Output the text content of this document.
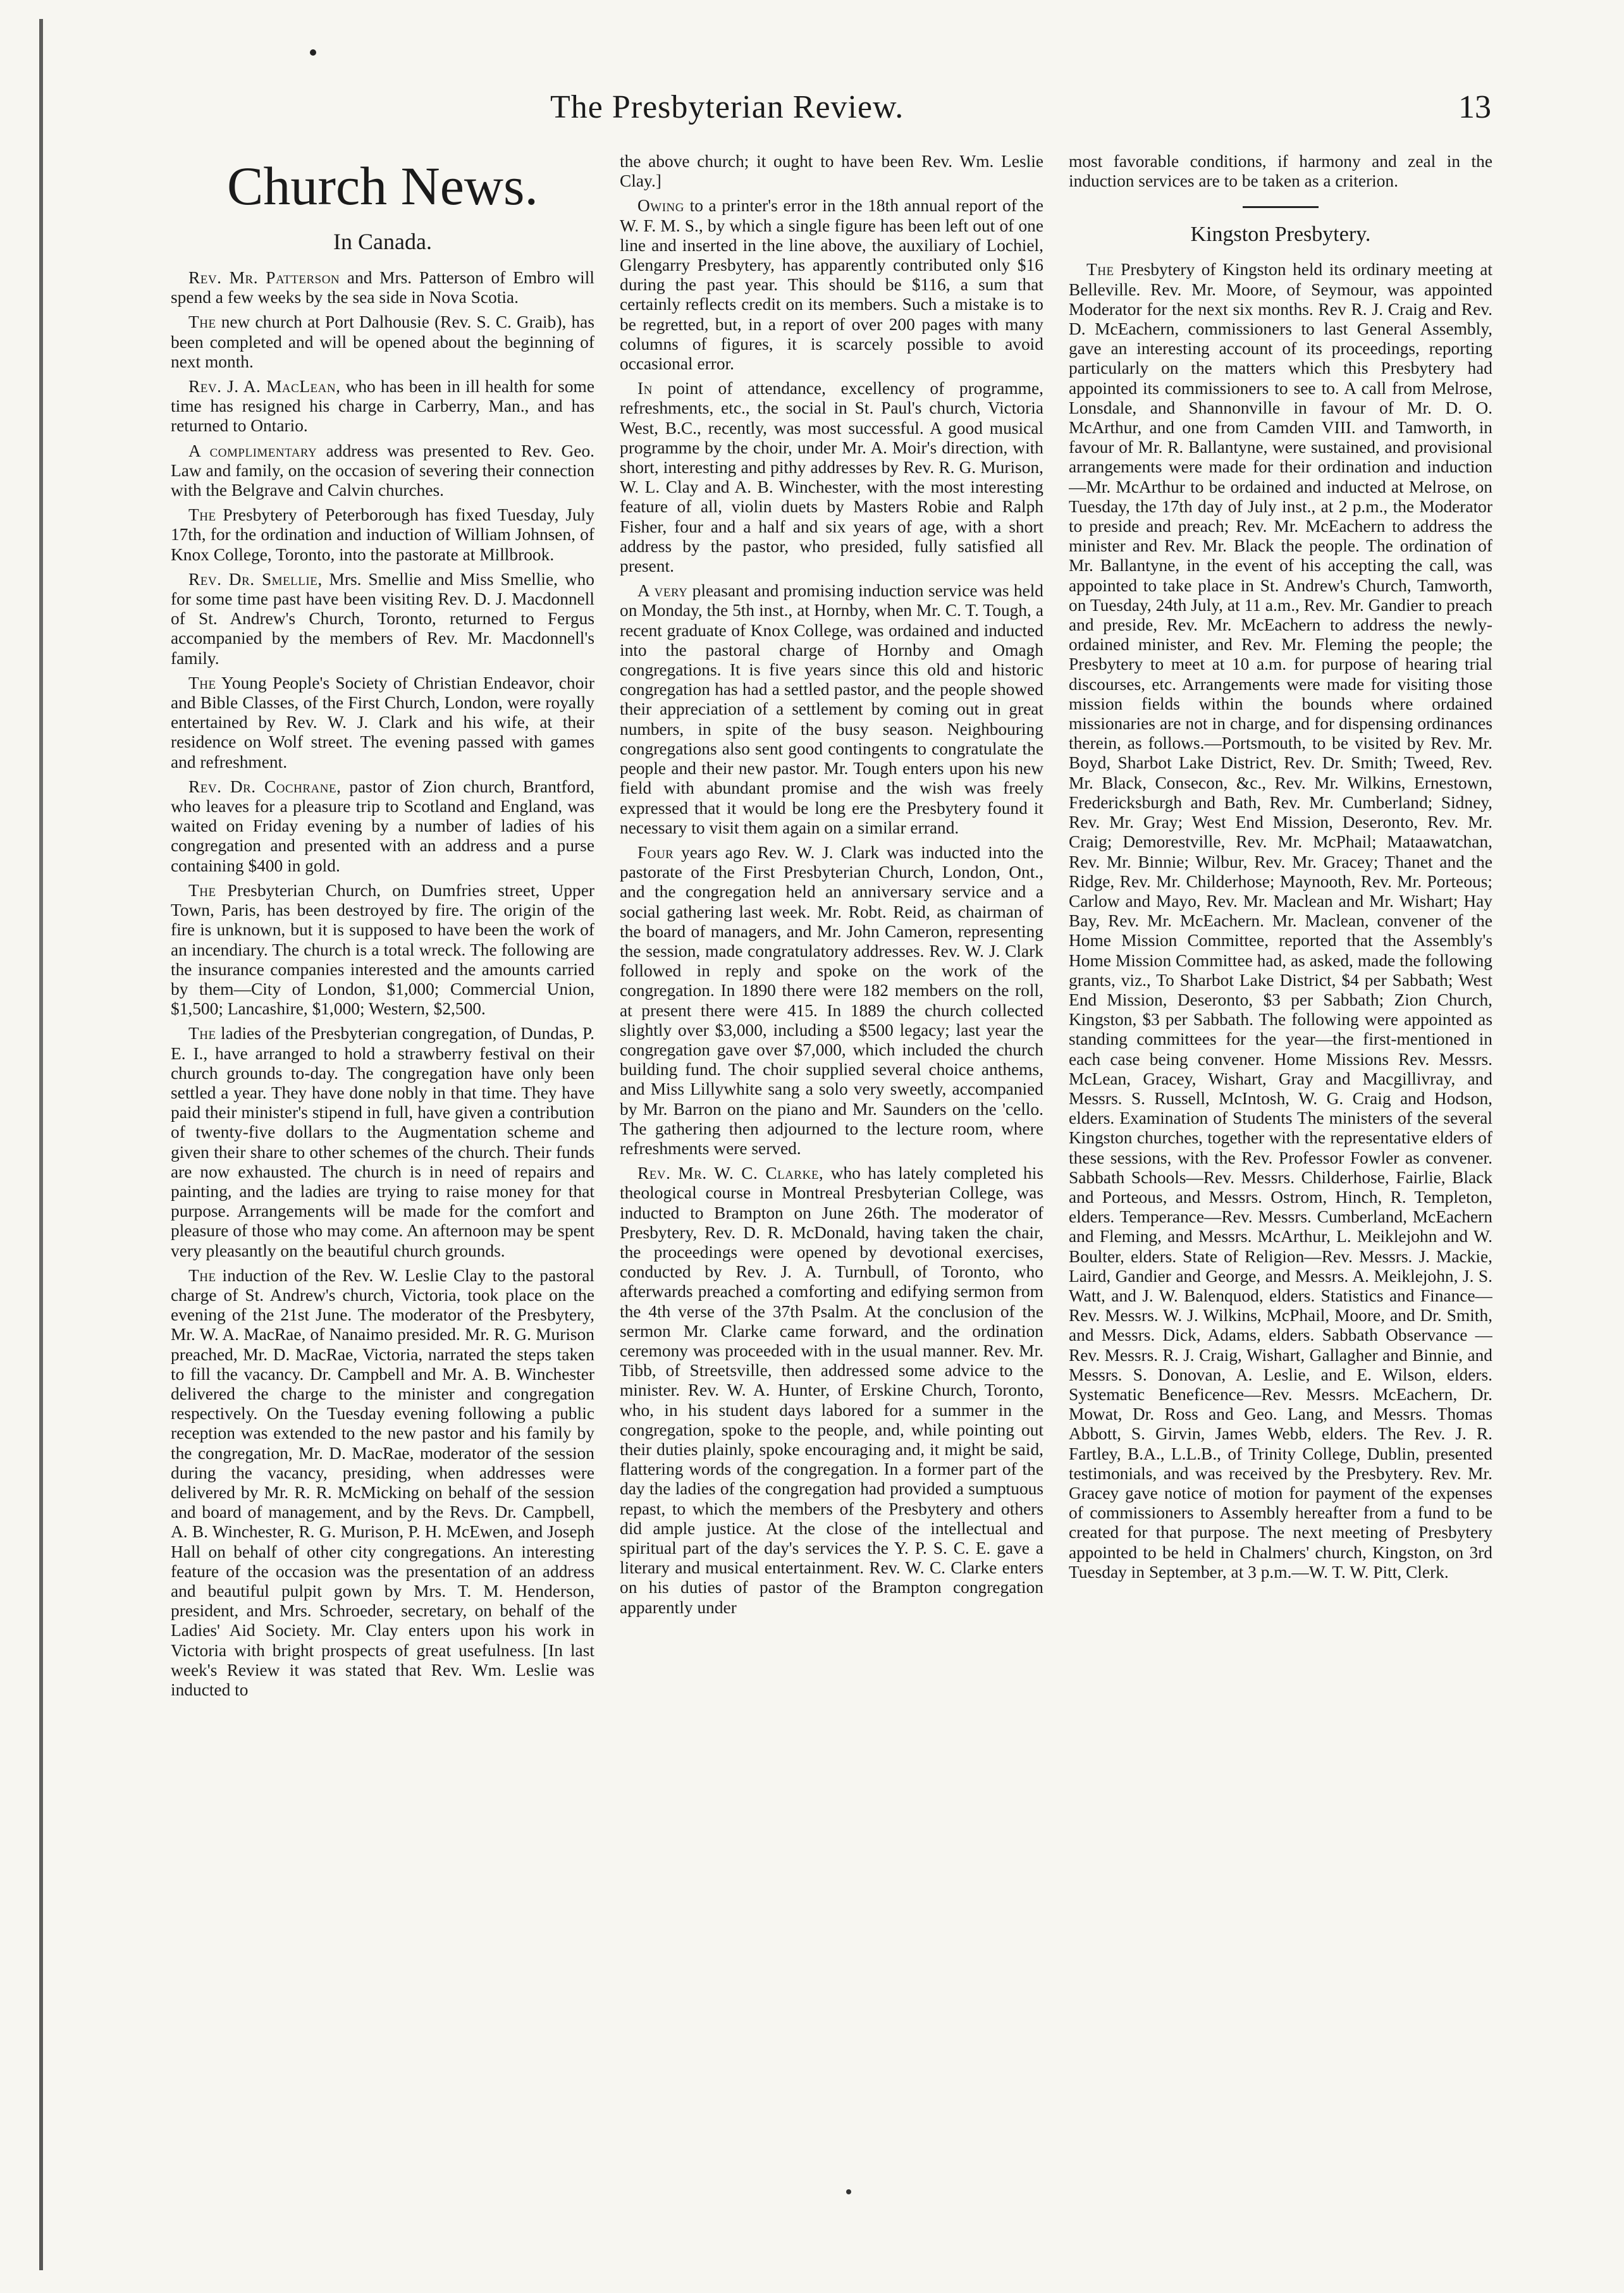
The Presbyterian Review.	13
Church News.
In Canada.

Rev. Mr. Patterson and Mrs. Patterson of Embro will spend a few weeks by the sea side in Nova Scotia.

The new church at Port Dalhousie (Rev. S. C. Graib), has been completed and will be opened about the beginning of next month.

Rev. J. A. MacLean, who has been in ill health for some time has resigned his charge in Carberry, Man., and has returned to Ontario.

A complimentary address was presented to Rev. Geo. Law and family, on the occasion of severing their connection with the Belgrave and Calvin churches.

The Presbytery of Peterborough has fixed Tuesday, July 17th, for the ordination and induction of William Johnsen, of Knox College, Toronto, into the pastorate at Millbrook.

Rev. Dr. Smellie, Mrs. Smellie and Miss Smellie, who for some time past have been visiting Rev. D. J. Macdonnell of St. Andrew's Church, Toronto, returned to Fergus accompanied by the members of Rev. Mr. Macdonnell's family.

The Young People's Society of Christian Endeavor, choir and Bible Classes, of the First Church, London, were royally entertained by Rev. W. J. Clark and his wife, at their residence on Wolf street. The evening passed with games and refreshment.

Rev. Dr. Cochrane, pastor of Zion church, Brantford, who leaves for a pleasure trip to Scotland and England, was waited on Friday evening by a number of ladies of his congregation and presented with an address and a purse containing $400 in gold.

The Presbyterian Church, on Dumfries street, Upper Town, Paris, has been destroyed by fire. The origin of the fire is unknown, but it is supposed to have been the work of an incendiary. The church is a total wreck. The following are the insurance companies interested and the amounts carried by them—City of London, $1,000; Commercial Union, $1,500; Lancashire, $1,000; Western, $2,500.

The ladies of the Presbyterian congregation, of Dundas, P. E. I., have arranged to hold a strawberry festival on their church grounds to-day. The congregation have only been settled a year. They have done nobly in that time. They have paid their minister's stipend in full, have given a contribution of twenty-five dollars to the Augmentation scheme and given their share to other schemes of the church. Their funds are now exhausted. The church is in need of repairs and painting, and the ladies are trying to raise money for that purpose. Arrangements will be made for the comfort and pleasure of those who may come. An afternoon may be spent very pleasantly on the beautiful church grounds.

The induction of the Rev. W. Leslie Clay to the pastoral charge of St. Andrew's church, Victoria, took place on the evening of the 21st June. The moderator of the Presbytery, Mr. W. A. MacRae, of Nanaimo presided. Mr. R. G. Murison preached, Mr. D. MacRae, Victoria, narrated the steps taken to fill the vacancy. Dr. Campbell and Mr. A. B. Winchester delivered the charge to the minister and congregation respectively. On the Tuesday evening following a public reception was extended to the new pastor and his family by the congregation, Mr. D. MacRae, moderator of the session during the vacancy, presiding, when addresses were delivered by Mr. R. R. McMicking on behalf of the session and board of management, and by the Revs. Dr. Campbell, A. B. Winchester, R. G. Murison, P. H. McEwen, and Joseph Hall on behalf of other city congregations. An interesting feature of the occasion was the presentation of an address and beautiful pulpit gown by Mrs. T. M. Henderson, president, and Mrs. Schroeder, secretary, on behalf of the Ladies' Aid Society. Mr. Clay enters upon his work in Victoria with bright prospects of great usefulness. [In last week's Review it was stated that Rev. Wm. Leslie was inducted to

the above church; it ought to have been Rev. Wm. Leslie Clay.]

Owing to a printer's error in the 18th annual report of the W. F. M. S., by which a single figure has been left out of one line and inserted in the line above, the auxiliary of Lochiel, Glengarry Presbytery, has apparently contributed only $16 during the past year. This should be $116, a sum that certainly reflects credit on its members. Such a mistake is to be regretted, but, in a report of over 200 pages with many columns of figures, it is scarcely possible to avoid occasional error.

In point of attendance, excellency of programme, refreshments, etc., the social in St. Paul's church, Victoria West, B.C., recently, was most successful. A good musical programme by the choir, under Mr. A. Moir's direction, with short, interesting and pithy addresses by Rev. R. G. Murison, W. L. Clay and A. B. Winchester, with the most interesting feature of all, violin duets by Masters Robie and Ralph Fisher, four and a half and six years of age, with a short address by the pastor, who presided, fully satisfied all present.

A very pleasant and promising induction service was held on Monday, the 5th inst., at Hornby, when Mr. C. T. Tough, a recent graduate of Knox College, was ordained and inducted into the pastoral charge of Hornby and Omagh congregations. It is five years since this old and historic congregation has had a settled pastor, and the people showed their appreciation of a settlement by coming out in great numbers, in spite of the busy season. Neighbouring congregations also sent good contingents to congratulate the people and their new pastor. Mr. Tough enters upon his new field with abundant promise and the wish was freely expressed that it would be long ere the Presbytery found it necessary to visit them again on a similar errand.

Four years ago Rev. W. J. Clark was inducted into the pastorate of the First Presbyterian Church, London, Ont., and the congregation held an anniversary service and a social gathering last week. Mr. Robt. Reid, as chairman of the board of managers, and Mr. John Cameron, representing the session, made congratulatory addresses. Rev. W. J. Clark followed in reply and spoke on the work of the congregation. In 1890 there were 182 members on the roll, at present there were 415. In 1889 the church collected slightly over $3,000, including a $500 legacy; last year the congregation gave over $7,000, which included the church building fund. The choir supplied several choice anthems, and Miss Lillywhite sang a solo very sweetly, accompanied by Mr. Barron on the piano and Mr. Saunders on the 'cello. The gathering then adjourned to the lecture room, where refreshments were served.

Rev. Mr. W. C. Clarke, who has lately completed his theological course in Montreal Presbyterian College, was inducted to Brampton on June 26th. The moderator of Presbytery, Rev. D. R. McDonald, having taken the chair, the proceedings were opened by devotional exercises, conducted by Rev. J. A. Turnbull, of Toronto, who afterwards preached a comforting and edifying sermon from the 4th verse of the 37th Psalm. At the conclusion of the sermon Mr. Clarke came forward, and the ordination ceremony was proceeded with in the usual manner. Rev. Mr. Tibb, of Streetsville, then addressed some advice to the minister. Rev. W. A. Hunter, of Erskine Church, Toronto, who, in his student days labored for a summer in the congregation, spoke to the people, and, while pointing out their duties plainly, spoke encouraging and, it might be said, flattering words of the congregation. In a former part of the day the ladies of the congregation had provided a sumptuous repast, to which the members of the Presbytery and others did ample justice. At the close of the intellectual and spiritual part of the day's services the Y. P. S. C. E. gave a literary and musical entertainment. Rev. W. C. Clarke enters on his duties of pastor of the Brampton congregation apparently under

most favorable conditions, if harmony and zeal in the induction services are to be taken as a criterion.

Kingston Presbytery.

The Presbytery of Kingston held its ordinary meeting at Belleville. Rev. Mr. Moore, of Seymour, was appointed Moderator for the next six months. Rev R. J. Craig and Rev. D. McEachern, commissioners to last General Assembly, gave an interesting account of its proceedings, reporting particularly on the matters which this Presbytery had appointed its commissioners to see to. A call from Melrose, Lonsdale, and Shannonville in favour of Mr. D. O. McArthur, and one from Camden VIII. and Tamworth, in favour of Mr. R. Ballantyne, were sustained, and provisional arrangements were made for their ordination and induction—Mr. McArthur to be ordained and inducted at Melrose, on Tuesday, the 17th day of July inst., at 2 p.m., the Moderator to preside and preach; Rev. Mr. McEachern to address the minister and Rev. Mr. Black the people. The ordination of Mr. Ballantyne, in the event of his accepting the call, was appointed to take place in St. Andrew's Church, Tamworth, on Tuesday, 24th July, at 11 a.m., Rev. Mr. Gandier to preach and preside, Rev. Mr. McEachern to address the newly-ordained minister, and Rev. Mr. Fleming the people; the Presbytery to meet at 10 a.m. for purpose of hearing trial discourses, etc. Arrangements were made for visiting those mission fields within the bounds where ordained missionaries are not in charge, and for dispensing ordinances therein, as follows.—Portsmouth, to be visited by Rev. Mr. Boyd, Sharbot Lake District, Rev. Dr. Smith; Tweed, Rev. Mr. Black, Consecon, &c., Rev. Mr. Wilkins, Ernestown, Fredericksburgh and Bath, Rev. Mr. Cumberland; Sidney, Rev. Mr. Gray; West End Mission, Deseronto, Rev. Mr. Craig; Demorestville, Rev. Mr. McPhail; Mataawatchan, Rev. Mr. Binnie; Wilbur, Rev. Mr. Gracey; Thanet and the Ridge, Rev. Mr. Childerhose; Maynooth, Rev. Mr. Porteous; Carlow and Mayo, Rev. Mr. Maclean and Mr. Wishart; Hay Bay, Rev. Mr. McEachern. Mr. Maclean, convener of the Home Mission Committee, reported that the Assembly's Home Mission Committee had, as asked, made the following grants, viz., To Sharbot Lake District, $4 per Sabbath; West End Mission, Deseronto, $3 per Sabbath; Zion Church, Kingston, $3 per Sabbath. The following were appointed as standing committees for the year—the first-mentioned in each case being convener. Home Missions Rev. Messrs. McLean, Gracey, Wishart, Gray and Macgillivray, and Messrs. S. Russell, McIntosh, W. G. Craig and Hodson, elders. Examination of Students The ministers of the several Kingston churches, together with the representative elders of these sessions, with the Rev. Professor Fowler as convener. Sabbath Schools—Rev. Messrs. Childerhose, Fairlie, Black and Porteous, and Messrs. Ostrom, Hinch, R. Templeton, elders. Temperance—Rev. Messrs. Cumberland, McEachern and Fleming, and Messrs. McArthur, L. Meiklejohn and W. Boulter, elders. State of Religion—Rev. Messrs. J. Mackie, Laird, Gandier and George, and Messrs. A. Meiklejohn, J. S. Watt, and J. W. Balenquod, elders. Statistics and Finance—Rev. Messrs. W. J. Wilkins, McPhail, Moore, and Dr. Smith, and Messrs. Dick, Adams, elders. Sabbath Observance —Rev. Messrs. R. J. Craig, Wishart, Gallagher and Binnie, and Messrs. S. Donovan, A. Leslie, and E. Wilson, elders. Systematic Beneficence—Rev. Messrs. McEachern, Dr. Mowat, Dr. Ross and Geo. Lang, and Messrs. Thomas Abbott, S. Girvin, James Webb, elders. The Rev. J. R. Fartley, B.A., L.L.B., of Trinity College, Dublin, presented testimonials, and was received by the Presbytery. Rev. Mr. Gracey gave notice of motion for payment of the expenses of commissioners to Assembly hereafter from a fund to be created for that purpose. The next meeting of Presbytery appointed to be held in Chalmers' church, Kingston, on 3rd Tuesday in September, at 3 p.m.—W. T. W. Pitt, Clerk.
